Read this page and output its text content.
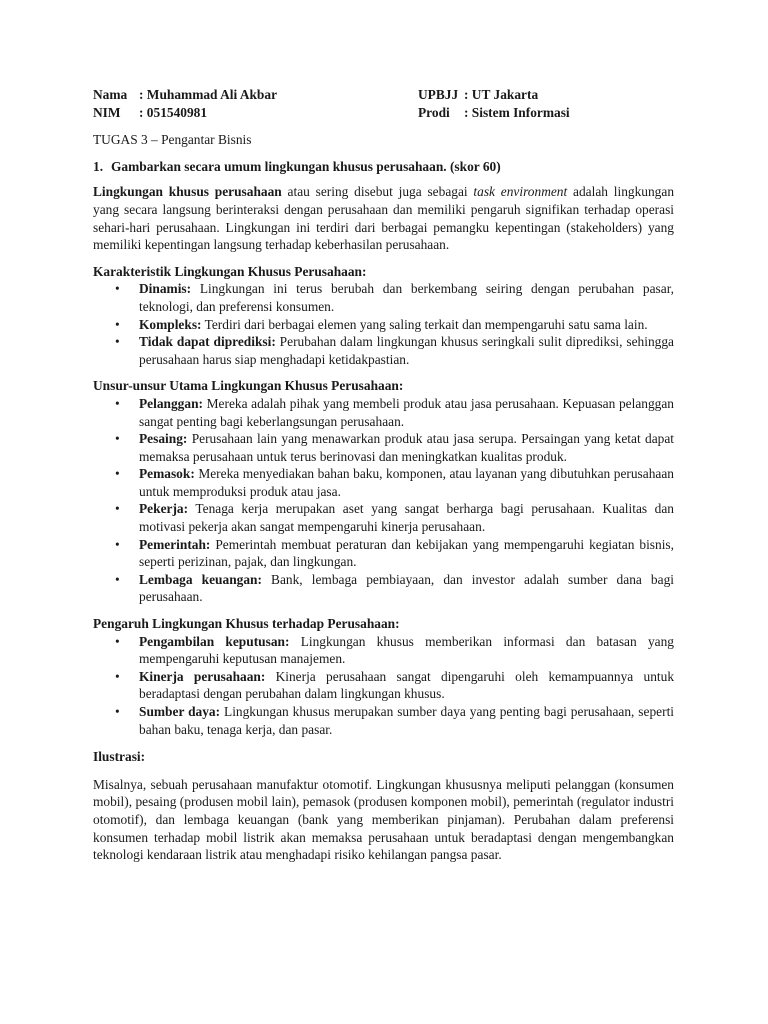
Nama : Muhammad Ali Akbar	UPBJJ : UT Jakarta
NIM	: 051540981	Prodi	: Sistem Informasi
TUGAS 3 – Pengantar Bisnis
1. Gambarkan secara umum lingkungan khusus perusahaan. (skor 60)

Lingkungan khusus perusahaan atau sering disebut juga sebagai task environment adalah lingkungan yang secara langsung berinteraksi dengan perusahaan dan memiliki pengaruh signifikan terhadap operasi sehari-hari perusahaan. Lingkungan ini terdiri dari berbagai pemangku kepentingan (stakeholders) yang memiliki kepentingan langsung terhadap keberhasilan perusahaan.

Karakteristik Lingkungan Khusus Perusahaan:
• Dinamis: Lingkungan ini terus berubah dan berkembang seiring dengan perubahan pasar, teknologi, dan preferensi konsumen.
• Kompleks: Terdiri dari berbagai elemen yang saling terkait dan mempengaruhi satu sama lain.
• Tidak dapat diprediksi: Perubahan dalam lingkungan khusus seringkali sulit diprediksi, sehingga perusahaan harus siap menghadapi ketidakpastian.
Unsur-unsur Utama Lingkungan Khusus Perusahaan:
• Pelanggan: Mereka adalah pihak yang membeli produk atau jasa perusahaan. Kepuasan pelanggan sangat penting bagi keberlangsungan perusahaan.
• Pesaing: Perusahaan lain yang menawarkan produk atau jasa serupa. Persaingan yang ketat dapat memaksa perusahaan untuk terus berinovasi dan meningkatkan kualitas produk.
• Pemasok: Mereka menyediakan bahan baku, komponen, atau layanan yang dibutuhkan perusahaan untuk memproduksi produk atau jasa.
• Pekerja: Tenaga kerja merupakan aset yang sangat berharga bagi perusahaan. Kualitas dan motivasi pekerja akan sangat mempengaruhi kinerja perusahaan.
• Pemerintah: Pemerintah membuat peraturan dan kebijakan yang mempengaruhi kegiatan bisnis, seperti perizinan, pajak, dan lingkungan.
• Lembaga keuangan: Bank, lembaga pembiayaan, dan investor adalah sumber dana bagi perusahaan.
Pengaruh Lingkungan Khusus terhadap Perusahaan:
• Pengambilan keputusan: Lingkungan khusus memberikan informasi dan batasan yang mempengaruhi keputusan manajemen.
• Kinerja perusahaan: Kinerja perusahaan sangat dipengaruhi oleh kemampuannya untuk beradaptasi dengan perubahan dalam lingkungan khusus.
• Sumber daya: Lingkungan khusus merupakan sumber daya yang penting bagi perusahaan, seperti bahan baku, tenaga kerja, dan pasar.
Ilustrasi:

Misalnya, sebuah perusahaan manufaktur otomotif. Lingkungan khususnya meliputi pelanggan (konsumen mobil), pesaing (produsen mobil lain), pemasok (produsen komponen mobil), pemerintah (regulator industri otomotif), dan lembaga keuangan (bank yang memberikan pinjaman). Perubahan dalam preferensi konsumen terhadap mobil listrik akan memaksa perusahaan untuk beradaptasi dengan mengembangkan teknologi kendaraan listrik atau menghadapi risiko kehilangan pangsa pasar.
